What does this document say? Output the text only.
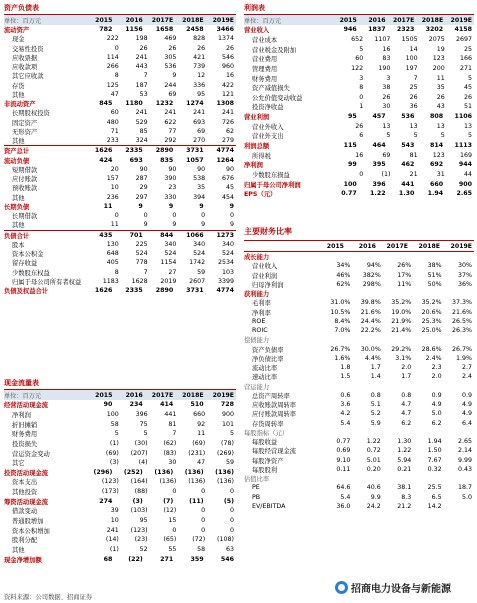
资产负债表
单位：百万元	2015	2016	2017E	2018E	2019E
流动资产	782	1156	1658	2458	3466
现金	222	198	469	828	1374
交易性投资	0	26	26	26	26
应收票据	114	241	305	421	546
应收款项	266	443	536	739	960
其它应收款	8	7	9	12	16
存货	125	187	244	336	422
其他	47	53	69	95	121
非流动资产	845	1180	1232	1274	1308
长期股权投资	60	241	241	241	241
固定资产	480	529	622	693	726
无形资产	71	85	77	69	62
其他	233	324	292	270	279
资产总计	1626	2335	2890	3731	4774
流动负债	424	693	835	1057	1264
短期借款	20	90	90	90	90
应付账款	157	287	390	538	676
预收账款	10	29	23	35	45
其他	236	297	330	394	454
长期负债	11	9	9	9	9
长期借款	0	0	0	0	0
其他	11	9	9	9	9
负债合计	435	701	844	1066	1273
股本	130	225	340	340	340
资本公积金	648	524	524	524	524
留存收益	405	778	1154	1742	2534
少数股东权益	8	7	27	59	103
归属于母公司所有者权益	1183	1628	2019	2607	3399
负债及权益合计	1626	2335	2890	3731	4774
利润表
单位：百万元	2015	2016	2017E	2018E	2019E
营业收入	946	1837	2323	3202	4158
营业成本	652	1107	1505	2075	2697
营业税金及附加	5	16	14	19	25
营业费用	60	83	100	123	166
管理费用	122	190	197	200	271
财务费用	3	3	7	11	5
资产减值损失	8	38	25	35	45
公允价值变动收益	0	26	26	26	26
投资净收益	1	30	36	43	51
营业利润	95	457	536	808	1106
营业外收入	26	13	13	13	13
营业外支出	6	5	5	5	5
利润总额	115	464	543	814	1113
所得税	16	69	81	123	169
净利润	99	395	462	692	944
少数股东损益	0	(1)	21	31	44
归属于母公司净利润	100	396	441	660	900
EPS（元）	0.77	1.22	1.30	1.94	2.65
主要财务比率
2015	2016	2017E	2018E	2019E
成长能力
营业收入	34%	94%	26%	38%	30%
营业利润	46%	382%	17%	51%	37%
归母净利润	62%	298%	11%	50%	36%
获利能力
毛利率	31.0%	39.8%	35.2%	35.2%	37.3%
净利率	10.5%	21.6%	19.0%	20.6%	21.6%
ROE	8.4%	24.4%	21.9%	25.3%	26.5%
ROIC	7.0%	22.2%	21.4%	25.0%	26.3%
偿债能力
资产负债率	26.7%	30.0%	29.2%	28.6%	26.7%
净负债比率	1.6%	4.4%	3.1%	2.4%	1.9%
流动比率	1.8	1.7	2.0	2.3	2.7
速动比率	1.5	1.4	1.7	2.0	2.4
营运能力
总资产周转率	0.6	0.8	0.8	0.9	0.9
应收账款周转率	3.6	5.1	4.7	4.9	4.9
应付账款周转率	4.2	5.2	4.7	5.0	4.9
存货周转率	5.4	5.9	6.2	6.2	6.4
每股指标（元）
每股收益	0.77	1.22	1.30	1.94	2.65
每股经营现金流	0.69	0.72	1.22	1.50	2.14
每股净资产	9.10	5.01	5.94	7.67	9.99
每股股利	0.11	0.20	0.21	0.32	0.43
估值比率
PE	64.6	40.6	38.1	25.5	18.7
PB	5.4	9.9	8.3	6.5	5.0
EV/EBITDA	36.0	24.2	21.2	14.2
现金流量表
单位：百万元	2015	2016	2017E	2018E	2019E
经营活动现金流	90	234	414	510	728
净利润	100	396	441	660	900
折旧摊销	58	75	81	92	101
财务费用	5	5	7	11	5
投资损失	(1)	(30)	(62)	(69)	(78)
营运资金变动	(69)	(207)	(83)	(231)	(269)
其它	(3)	(4)	30	47	59
投资活动现金流	(296)	(252)	(136)	(136)	(136)
资本支出	(123)	(164)	(136)	(136)	(136)
其他投资	(173)	(88)	0	0	0
筹资活动现金流	274	(3)	(7)	(11)	(5)
借款变动	39	(103)	(12)	0	0
普通股增加	10	95	15	0	0
资本公积增加	241	(123)	0	0	0
股利分配	(14)	(23)	(65)	(72)	(108)
其他	(1)	52	55	58	63
现金净增加额	68	(22)	271	359	546
资料来源：公司数据、招商证券
招商电力设备与新能源
